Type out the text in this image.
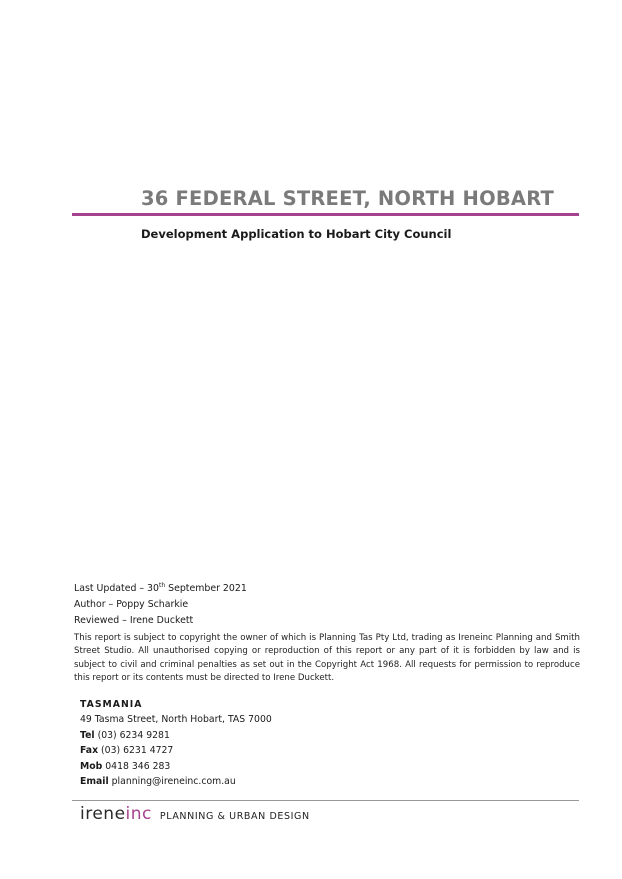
36 FEDERAL STREET, NORTH HOBART
Development Application to Hobart City Council
Last Updated – 30th September 2021
Author – Poppy Scharkie
Reviewed – Irene Duckett
This report is subject to copyright the owner of which is Planning Tas Pty Ltd, trading as Ireneinc Planning and Smith Street Studio. All unauthorised copying or reproduction of this report or any part of it is forbidden by law and is subject to civil and criminal penalties as set out in the Copyright Act 1968. All requests for permission to reproduce this report or its contents must be directed to Irene Duckett.
TASMANIA
49 Tasma Street, North Hobart, TAS 7000
Tel (03) 6234 9281
Fax (03) 6231 4727
Mob 0418 346 283
Email planning@ireneinc.com.au
ireneinc PLANNING & URBAN DESIGN
